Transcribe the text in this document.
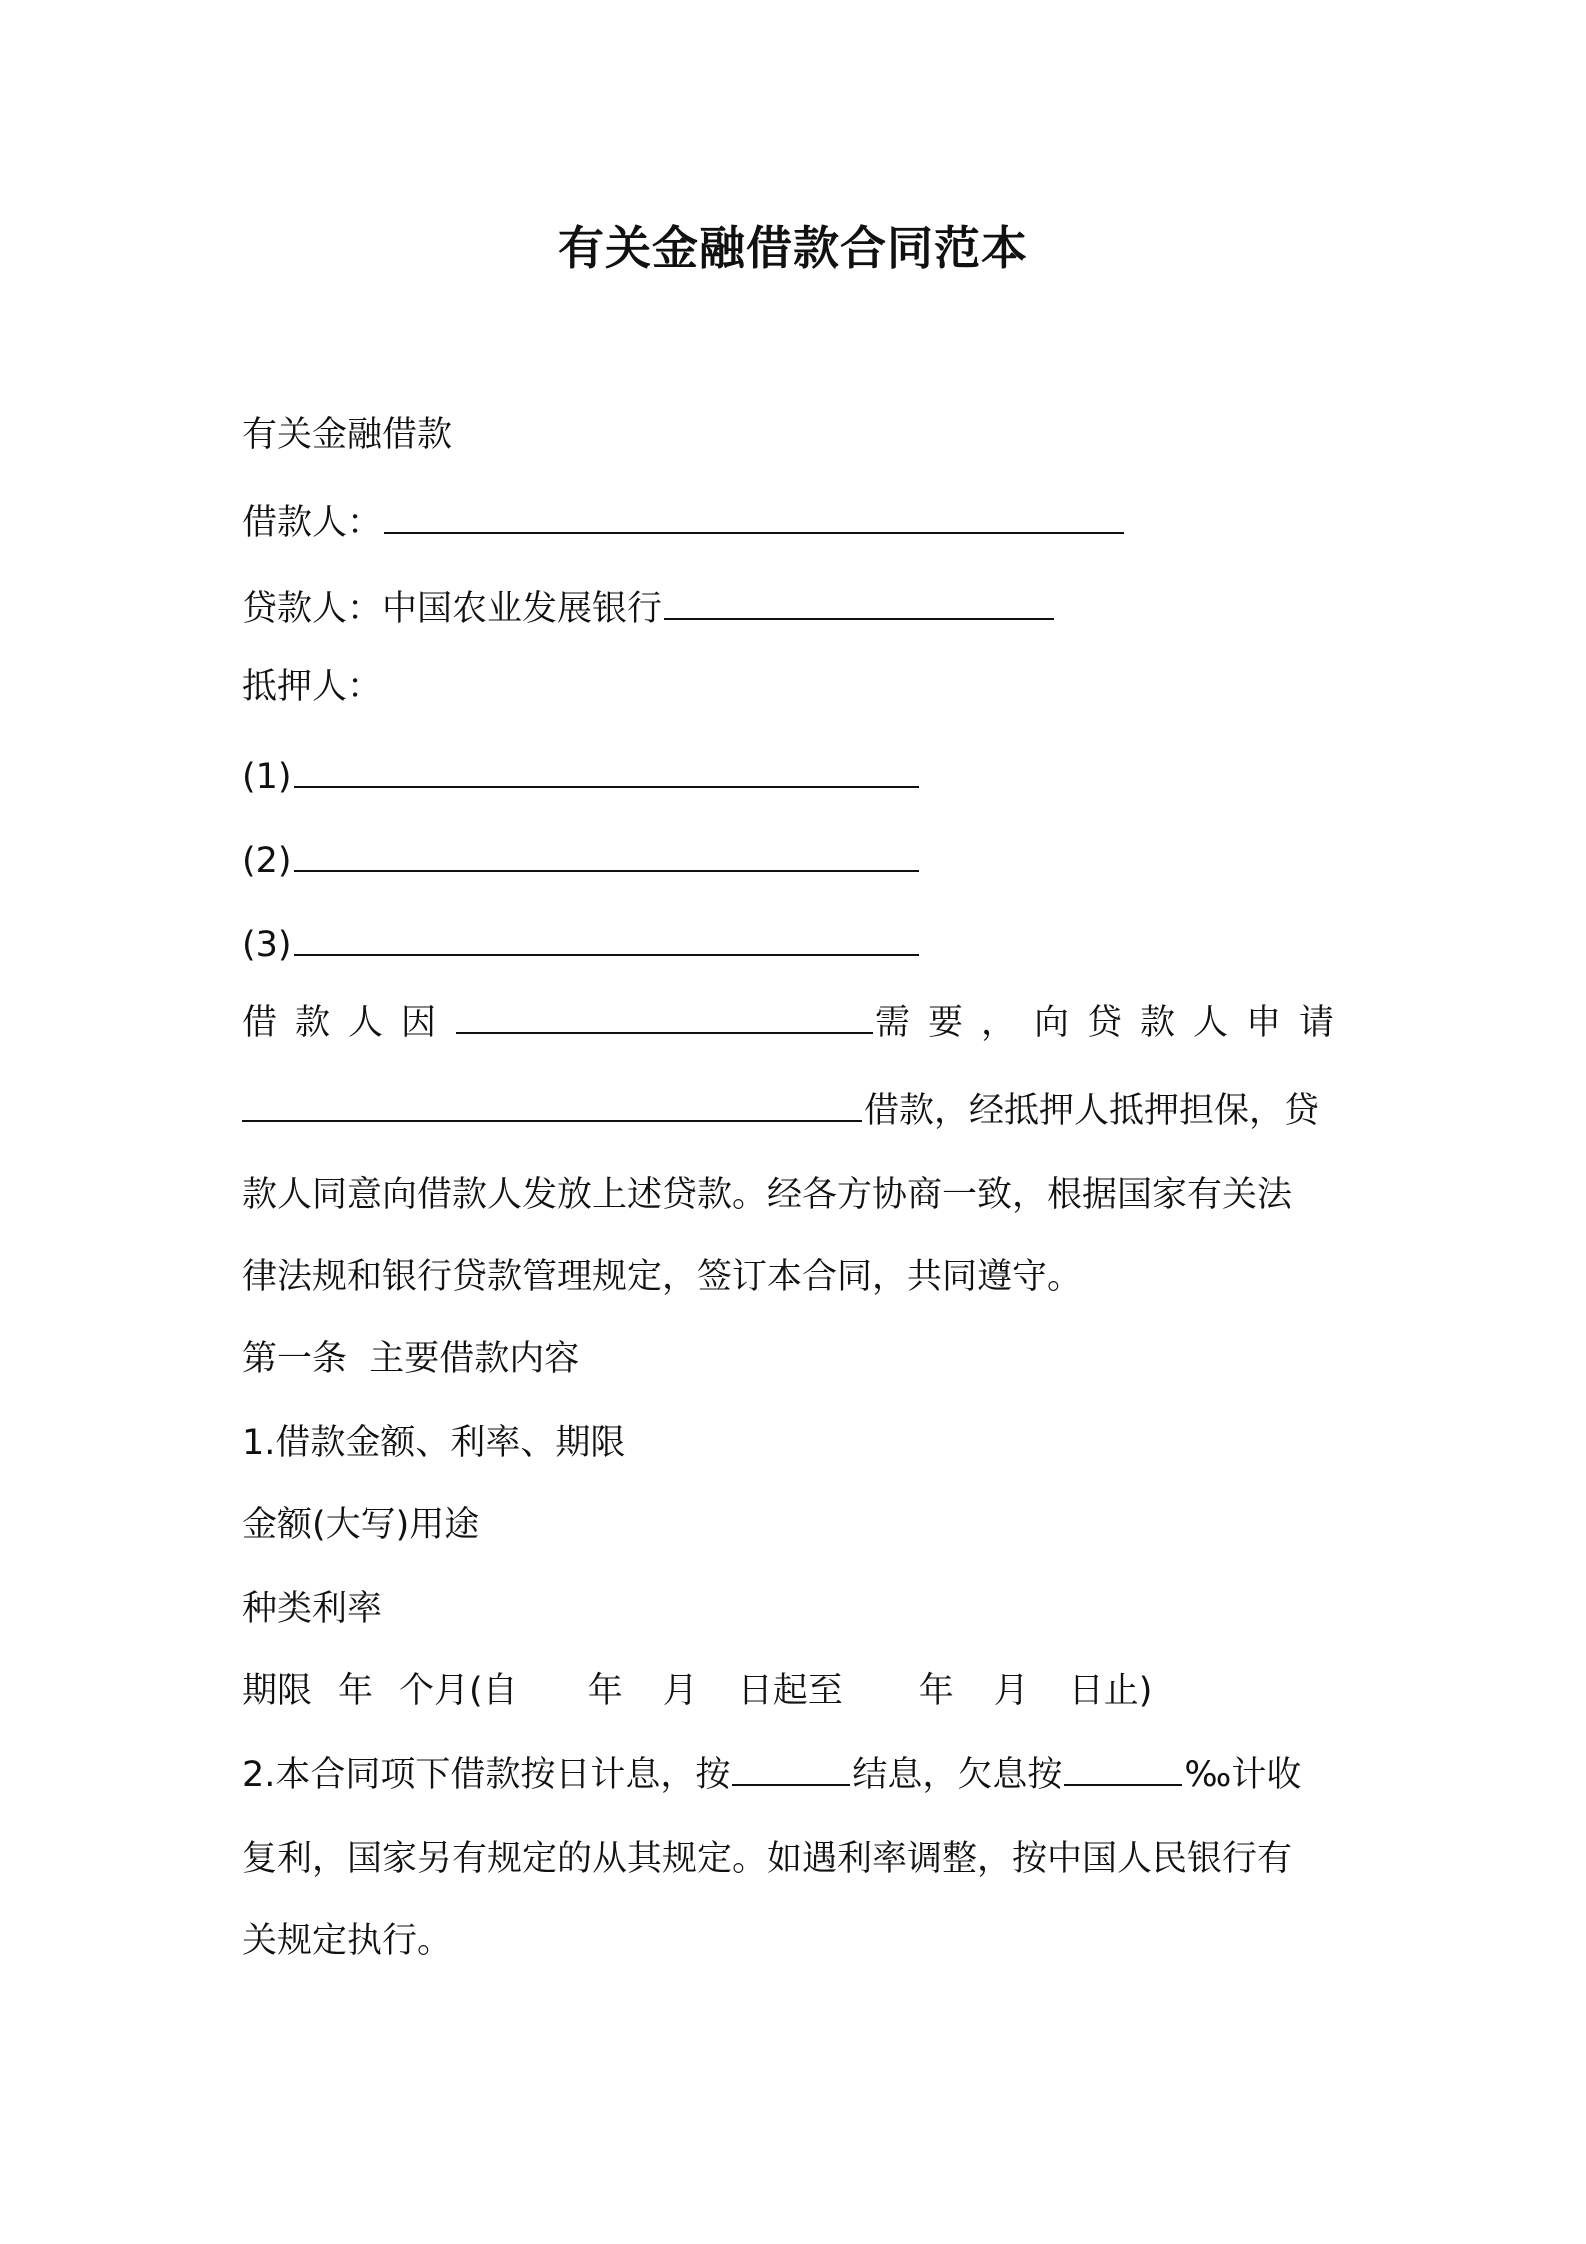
有关金融借款合同范本
有关金融借款
借款人：
贷款人：中国农业发展银行
抵押人：
(1)
(2)
(3)
借款人因	需要，向贷款人申请
借款，经抵押人抵押担保，贷
款人同意向借款人发放上述贷款。经各方协商一致，根据国家有关法
律法规和银行贷款管理规定，签订本合同，共同遵守。
第一条  主要借款内容
1.借款金额、利率、期限
金额(大写)用途
种类利率
期限 年 个月(自 年 月 日起至 年 月 日止)
2.本合同项下借款按日计息，按	结息，欠息按	‰计收
复利，国家另有规定的从其规定。如遇利率调整，按中国人民银行有
关规定执行。
